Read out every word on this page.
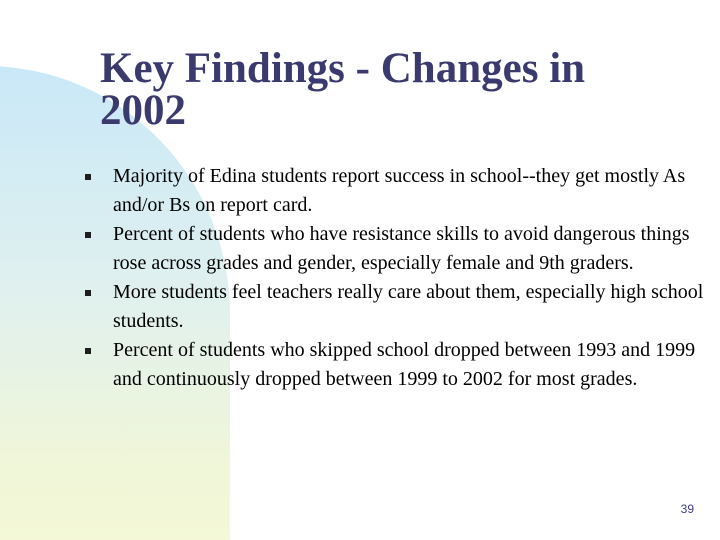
Key Findings - Changes in 2002
Majority of Edina students report success in school--they get mostly As and/or Bs on report card.
Percent of students who have resistance skills to avoid dangerous things rose across grades and gender, especially female and 9th graders.
More students feel teachers really care about them, especially high school students.
Percent of students who skipped school dropped between 1993 and 1999 and continuously dropped between 1999 to 2002 for most grades.
39
